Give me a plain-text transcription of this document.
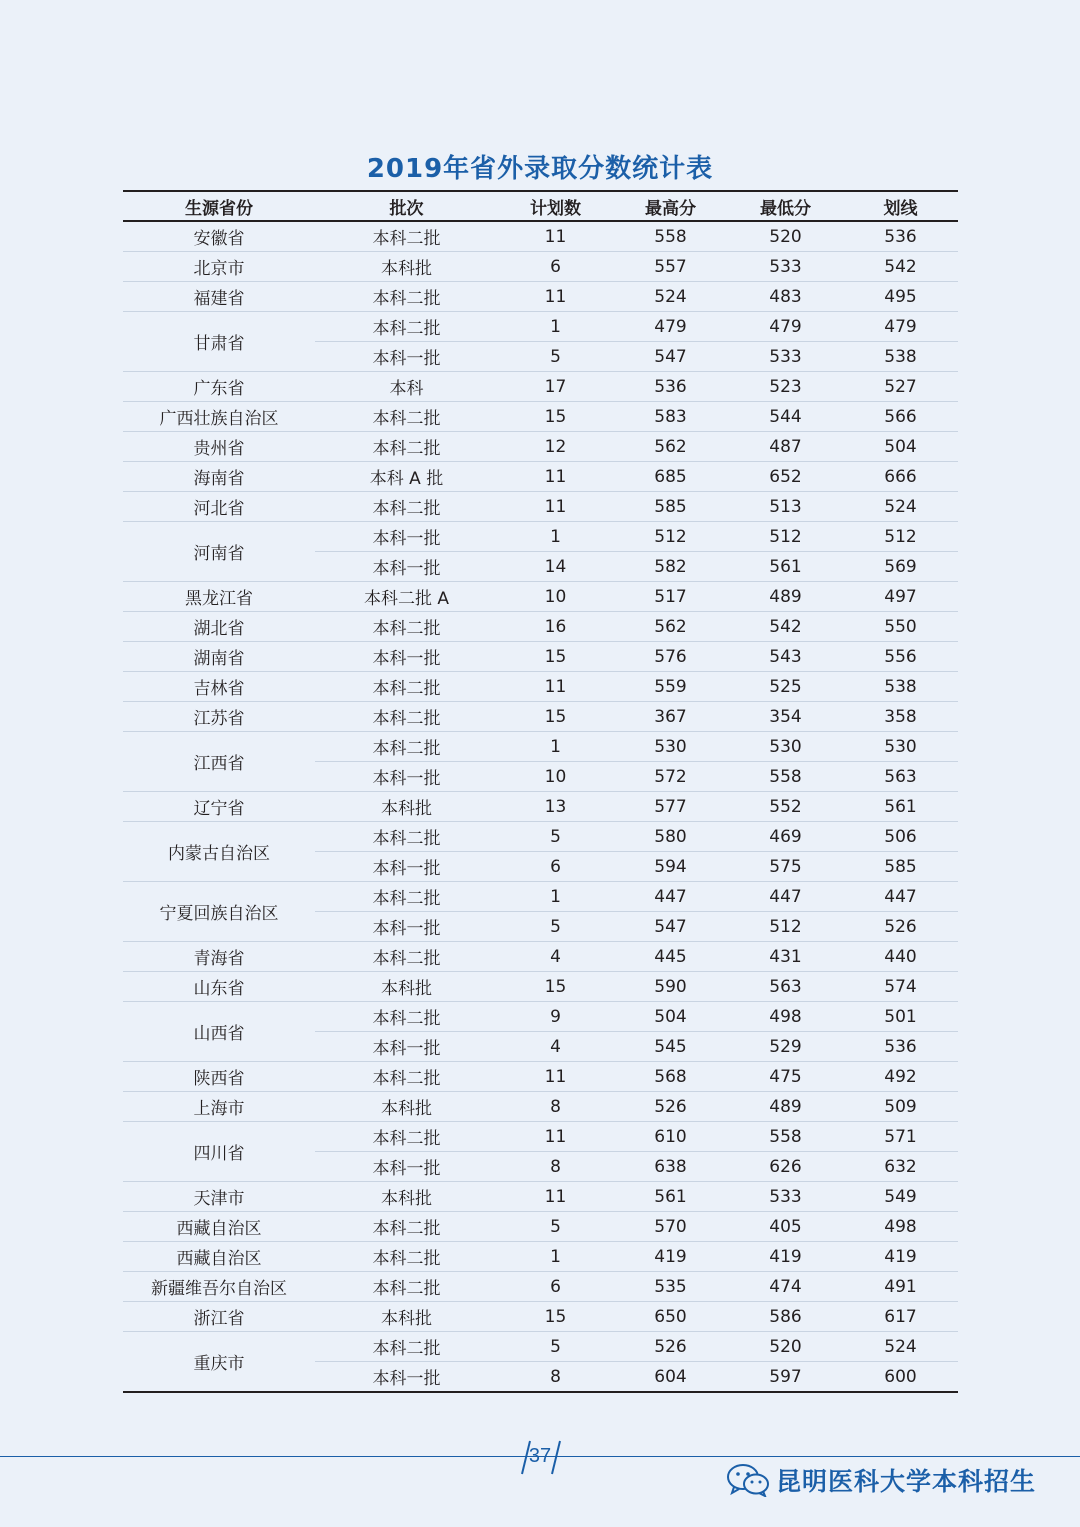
2019年省外录取分数统计表
生源省份	批次	计划数	最高分	最低分	划线
安徽省	本科二批	11	558	520	536
北京市	本科批	6	557	533	542
福建省	本科二批	11	524	483	495
甘肃省	本科二批	1	479	479	479
	本科一批	5	547	533	538
广东省	本科	17	536	523	527
广西壮族自治区	本科二批	15	583	544	566
贵州省	本科二批	12	562	487	504
海南省	本科 A 批	11	685	652	666
河北省	本科二批	11	585	513	524
河南省	本科一批	1	512	512	512
	本科一批	14	582	561	569
黑龙江省	本科二批 A	10	517	489	497
湖北省	本科二批	16	562	542	550
湖南省	本科一批	15	576	543	556
吉林省	本科二批	11	559	525	538
江苏省	本科二批	15	367	354	358
江西省	本科二批	1	530	530	530
	本科一批	10	572	558	563
辽宁省	本科批	13	577	552	561
内蒙古自治区	本科二批	5	580	469	506
	本科一批	6	594	575	585
宁夏回族自治区	本科二批	1	447	447	447
	本科一批	5	547	512	526
青海省	本科二批	4	445	431	440
山东省	本科批	15	590	563	574
山西省	本科二批	9	504	498	501
	本科一批	4	545	529	536
陕西省	本科二批	11	568	475	492
上海市	本科批	8	526	489	509
四川省	本科二批	11	610	558	571
	本科一批	8	638	626	632
天津市	本科批	11	561	533	549
西藏自治区	本科二批	5	570	405	498
西藏自治区	本科二批	1	419	419	419
新疆维吾尔自治区	本科二批	6	535	474	491
浙江省	本科批	15	650	586	617
重庆市	本科二批	5	526	520	524
	本科一批	8	604	597	600
37
昆明医科大学本科招生
